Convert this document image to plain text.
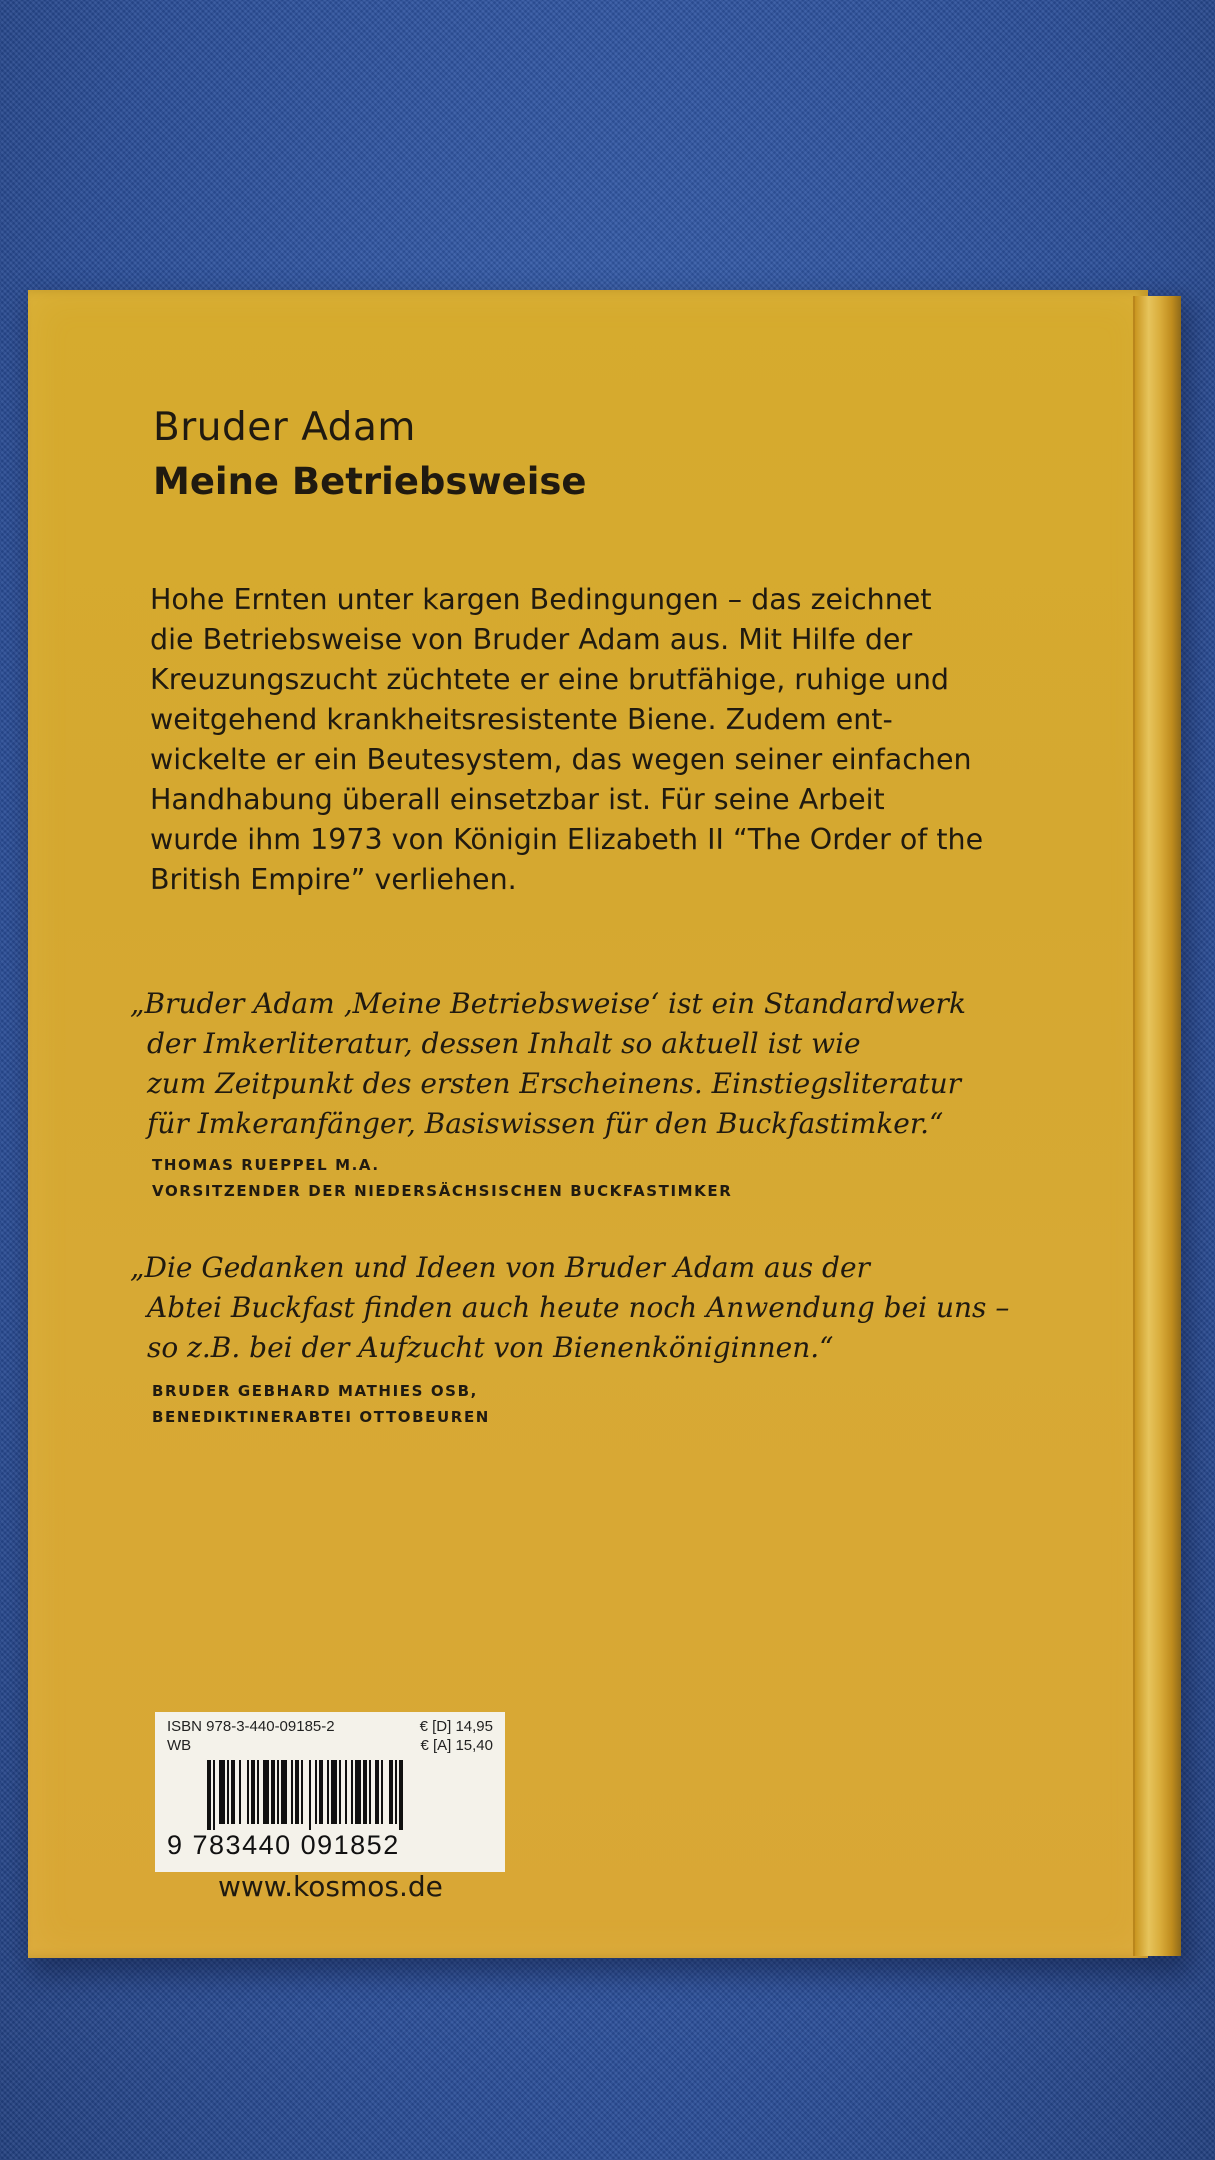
Bruder Adam

Meine Betriebsweise

Hohe Ernten unter kargen Bedingungen – das zeichnet
die Betriebsweise von Bruder Adam aus. Mit Hilfe der
Kreuzungszucht züchtete er eine brutfähige, ruhige und
weitgehend krankheitsresistente Biene. Zudem ent-
wickelte er ein Beutesystem, das wegen seiner einfachen
Handhabung überall einsetzbar ist. Für seine Arbeit
wurde ihm 1973 von Königin Elizabeth II “The Order of the
British Empire” verliehen.
„Bruder Adam ‚Meine Betriebsweise‘ ist ein Standardwerk
der Imkerliteratur, dessen Inhalt so aktuell ist wie
zum Zeitpunkt des ersten Erscheinens. Einstiegsliteratur
für Imkeranfänger, Basiswissen für den Buckfastimker.“
THOMAS RUEPPEL M.A.
VORSITZENDER DER NIEDERSÄCHSISCHEN BUCKFASTIMKER
„Die Gedanken und Ideen von Bruder Adam aus der
Abtei Buckfast finden auch heute noch Anwendung bei uns –
so z.B. bei der Aufzucht von Bienenköniginnen.“
BRUDER GEBHARD MATHIES OSB,
BENEDIKTINERABTEI OTTOBEUREN
ISBN 978-3-440-09185-2	€ [D] 14,95
WB	€ [A] 15,40
9 783440 091852

www.kosmos.de
